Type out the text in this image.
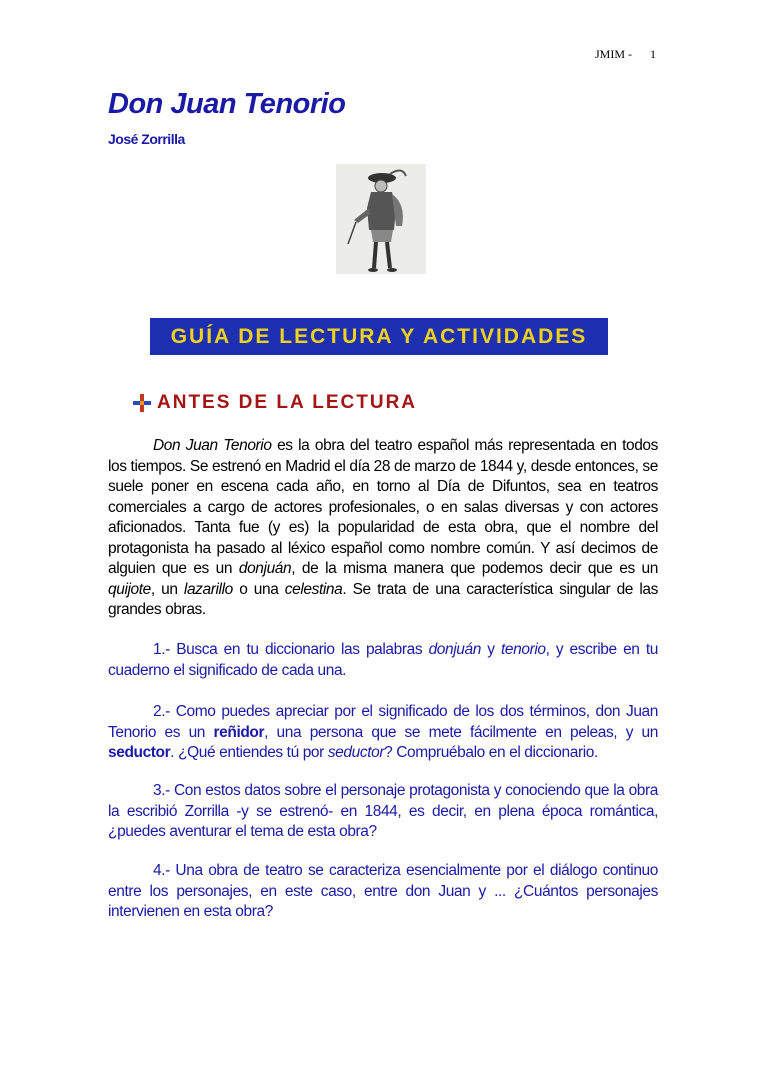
JMIM - 1
Don Juan Tenorio
José Zorrilla
GUÍA DE LECTURA Y ACTIVIDADES
ANTES DE LA LECTURA

Don Juan Tenorio es la obra del teatro español más representada en todos los tiempos. Se estrenó en Madrid el día 28 de marzo de 1844 y, desde entonces, se suele poner en escena cada año, en torno al Día de Difuntos, sea en teatros comerciales a cargo de actores profesionales, o en salas diversas y con actores aficionados. Tanta fue (y es) la popularidad de esta obra, que el nombre del protagonista ha pasado al léxico español como nombre común. Y así decimos de alguien que es un donjuán, de la misma manera que podemos decir que es un quijote, un lazarillo o una celestina. Se trata de una característica singular de las grandes obras.

1.- Busca en tu diccionario las palabras donjuán y tenorio, y escribe en tu cuaderno el significado de cada una.

2.- Como puedes apreciar por el significado de los dos términos, don Juan Tenorio es un reñidor, una persona que se mete fácilmente en peleas, y un seductor. ¿Qué entiendes tú por seductor? Compruébalo en el diccionario.

3.- Con estos datos sobre el personaje protagonista y conociendo que la obra la escribió Zorrilla -y se estrenó- en 1844, es decir, en plena época romántica, ¿puedes aventurar el tema de esta obra?

4.- Una obra de teatro se caracteriza esencialmente por el diálogo continuo entre los personajes, en este caso, entre don Juan y ... ¿Cuántos personajes intervienen en esta obra?
